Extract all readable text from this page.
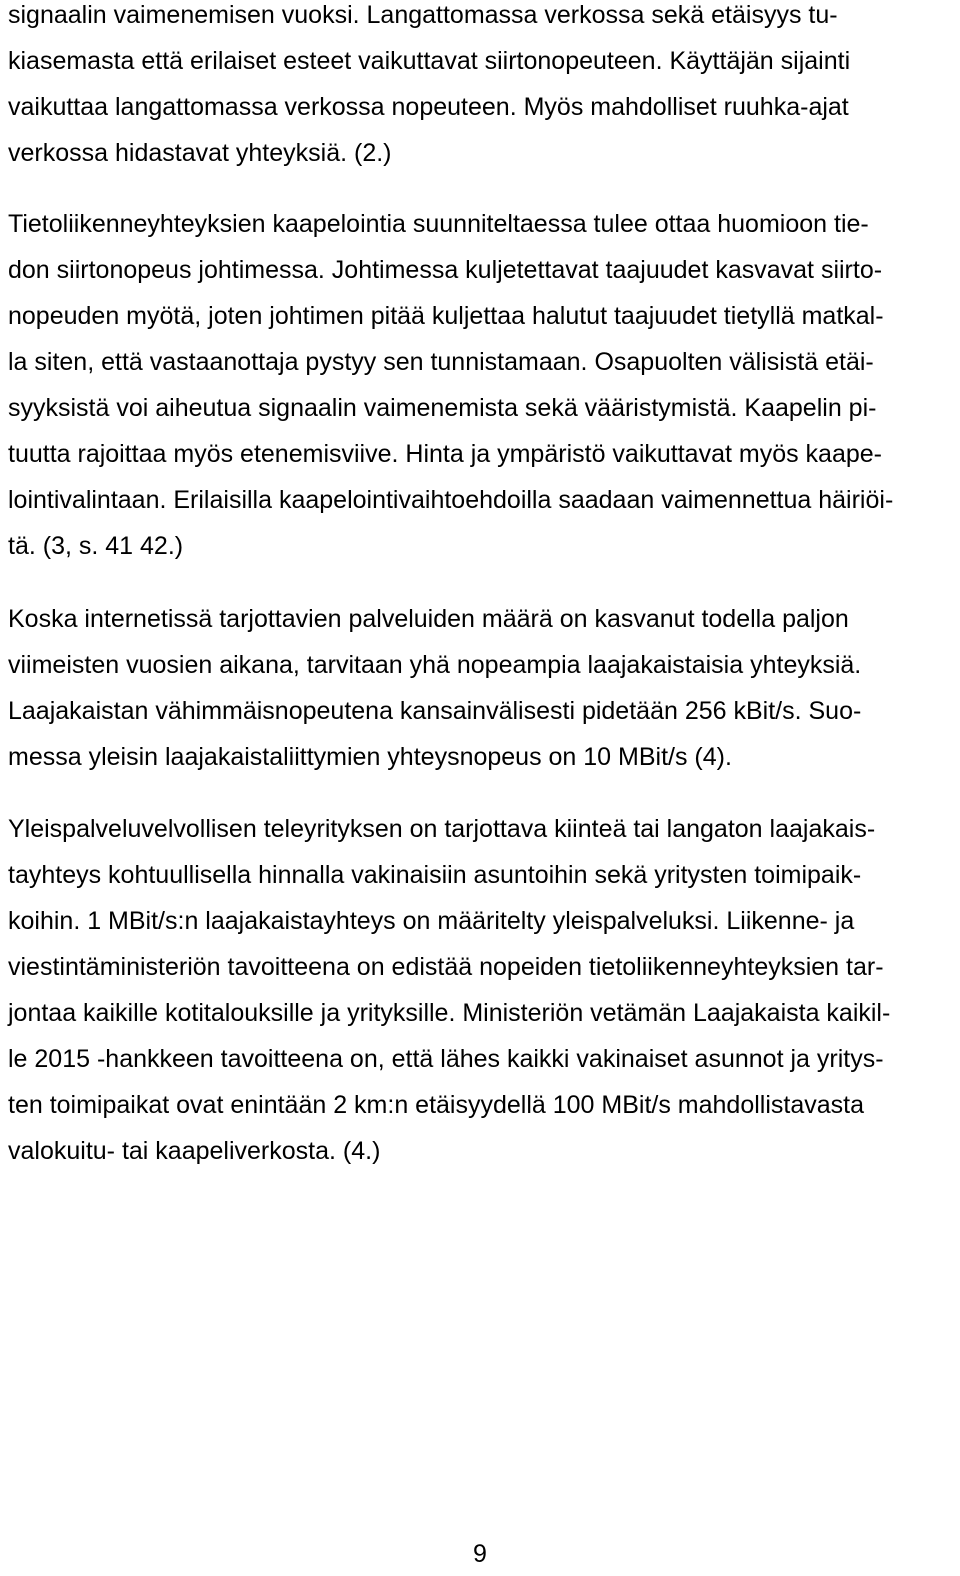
signaalin vaimenemisen vuoksi. Langattomassa verkossa sekä etäisyys tu-
kiasemasta että erilaiset esteet vaikuttavat siirtonopeuteen. Käyttäjän sijainti
vaikuttaa langattomassa verkossa nopeuteen. Myös mahdolliset ruuhka-ajat
verkossa hidastavat yhteyksiä. (2.)
Tietoliikenneyhteyksien kaapelointia suunniteltaessa tulee ottaa huomioon tie-
don siirtonopeus johtimessa. Johtimessa kuljetettavat taajuudet kasvavat siirto-
nopeuden myötä, joten johtimen pitää kuljettaa halutut taajuudet tietyllä matkal-
la siten, että vastaanottaja pystyy sen tunnistamaan. Osapuolten välisistä etäi-
syyksistä voi aiheutua signaalin vaimenemista sekä vääristymistä. Kaapelin pi-
tuutta rajoittaa myös etenemisviive. Hinta ja ympäristö vaikuttavat myös kaape-
lointivalintaan. Erilaisilla kaapelointivaihtoehdoilla saadaan vaimennettua häiriöi-
tä. (3, s. 41 42.)
Koska internetissä tarjottavien palveluiden määrä on kasvanut todella paljon
viimeisten vuosien aikana, tarvitaan yhä nopeampia laajakaistaisia yhteyksiä.
Laajakaistan vähimmäisnopeutena kansainvälisesti pidetään 256 kBit/s. Suo-
messa yleisin laajakaistaliittymien yhteysnopeus on 10 MBit/s (4).
Yleispalveluvelvollisen teleyrityksen on tarjottava kiinteä tai langaton laajakais-
tayhteys kohtuullisella hinnalla vakinaisiin asuntoihin sekä yritysten toimipaik-
koihin. 1 MBit/s:n laajakaistayhteys on määritelty yleispalveluksi. Liikenne- ja
viestintäministeriön tavoitteena on edistää nopeiden tietoliikenneyhteyksien tar-
jontaa kaikille kotitalouksille ja yrityksille. Ministeriön vetämän Laajakaista kaikil-
le 2015 -hankkeen tavoitteena on, että lähes kaikki vakinaiset asunnot ja yritys-
ten toimipaikat ovat enintään 2 km:n etäisyydellä 100 MBit/s mahdollistavasta
valokuitu- tai kaapeliverkosta. (4.)
9
